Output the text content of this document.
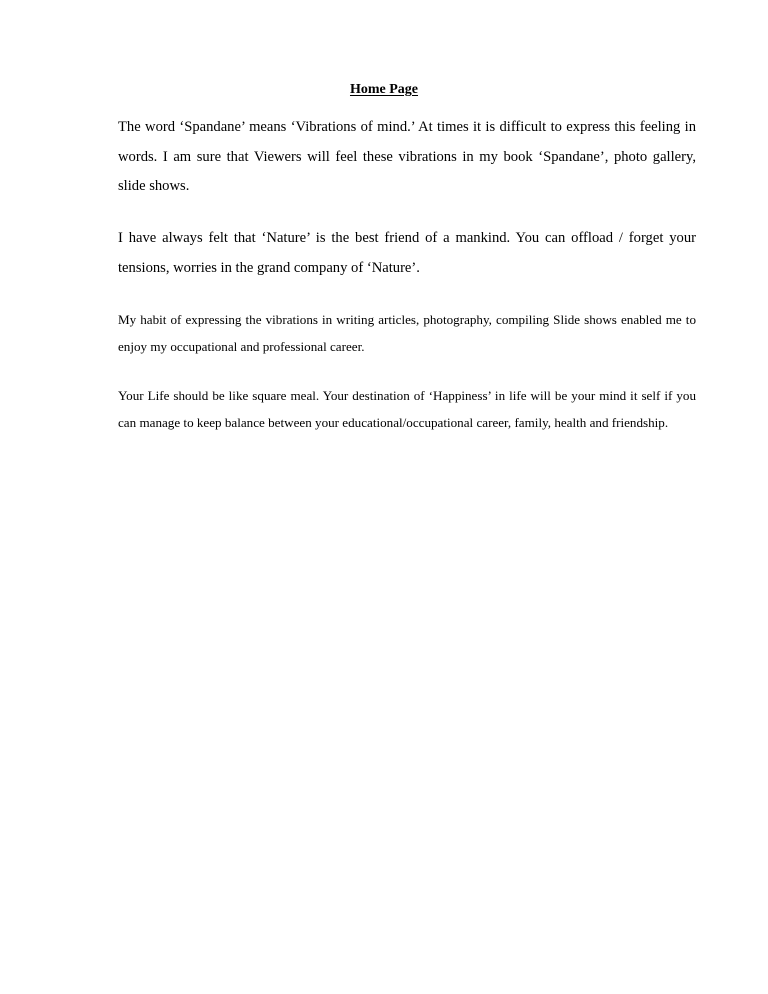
Home Page

The word ‘Spandane’ means ‘Vibrations of mind.’ At times it is difficult to express this feeling in words. I am sure that Viewers will feel these vibrations in my book ‘Spandane’, photo gallery, slide shows.

I have always felt that ‘Nature’ is the best friend of a mankind. You can offload / forget your tensions, worries in the grand company of ‘Nature’.

My habit of expressing the vibrations in writing articles, photography, compiling Slide shows enabled me to enjoy my occupational and professional career.

Your Life should be like square meal. Your destination of ‘Happiness’ in life will be your mind it self if you can manage to keep balance between your educational/occupational career, family, health and friendship.
